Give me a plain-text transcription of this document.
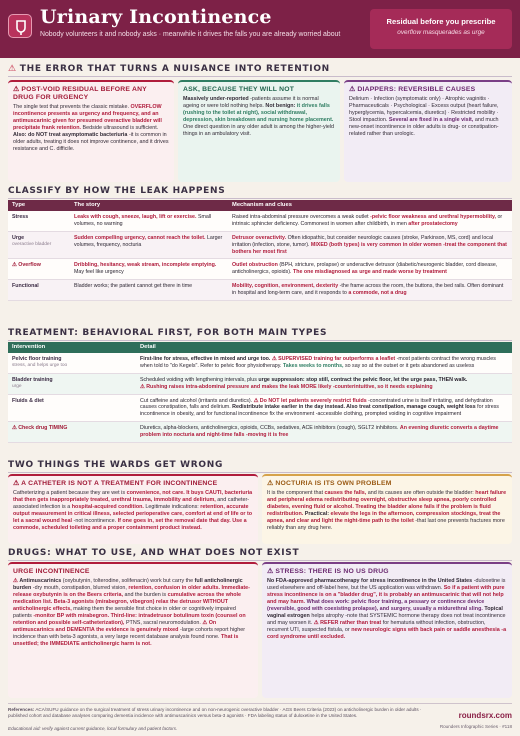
Urinary Incontinence
Nobody volunteers it and nobody asks · meanwhile it drives the falls you are already worried about
Residual before you prescribe
overflow masquerades as urge
⚠ THE ERROR THAT TURNS A NUISANCE INTO RETENTION
⚠ POST-VOID RESIDUAL BEFORE ANY DRUG FOR URGENCY
The single test that prevents the classic mistake. OVERFLOW incontinence presents as urgency and frequency, and an antimuscarinic given for presumed overactive bladder will precipitate frank retention. Bedside ultrasound is sufficient. Also: do NOT treat asymptomatic bacteriuria -it is common in older adults, treating it does not improve continence, and it drives resistance and C. difficile.
ASK, BECAUSE THEY WILL NOT
Massively under-reported -patients assume it is normal ageing or were told nothing helps. Not benign: it drives falls (rushing to the toilet at night), social withdrawal, depression, skin breakdown and nursing home placement. One direct question in any older adult is among the higher-yield things in an ambulatory visit.
⚠ DIAPPERS: REVERSIBLE CAUSES
Delirium · Infection (symptomatic only) · Atrophic vaginitis · Pharmaceuticals · Psychological · Excess output (heart failure, hyperglycemia, hypercalcemia, diuretics) · Restricted mobility · Stool impaction. Several are fixed in a single visit, and much new-onset incontinence in older adults is drug- or constipation-related rather than urologic.
CLASSIFY BY HOW THE LEAK HAPPENS
Type	The story	Mechanism and clues
Stress	Leaks with cough, sneeze, laugh, lift or exercise. Small volumes, no warning	Raised intra-abdominal pressure overcomes a weak outlet -pelvic floor weakness and urethral hypermobility, or intrinsic sphincter deficiency. Commonest in women after childbirth, in men after prostatectomy
Urge
overactive bladder	Sudden compelling urgency, cannot reach the toilet. Larger volumes, frequency, nocturia	Detrusor overactivity. Often idiopathic, but consider neurologic causes (stroke, Parkinson, MS, cord) and local irritation (infection, stone, tumor). MIXED (both types) is very common in older women -treat the component that bothers her most first
⚠ Overflow	Dribbling, hesitancy, weak stream, incomplete emptying. May feel like urgency	Outlet obstruction (BPH, stricture, prolapse) or underactive detrusor (diabetic/neurogenic bladder, cord disease, anticholinergics, opioids). The one misdiagnosed as urge and made worse by treatment
Functional	Bladder works; the patient cannot get there in time	Mobility, cognition, environment, dexterity -the frame across the room, the buttons, the bed rails. Often dominant in hospital and long-term care, and it responds to a commode, not a drug
TREATMENT: BEHAVIORAL FIRST, FOR BOTH MAIN TYPES
Intervention	Detail
Pelvic floor training
stress, and helps urge too	First-line for stress, effective in mixed and urge too. ⚠ SUPERVISED training far outperforms a leaflet -most patients contract the wrong muscles when told to "do Kegels". Refer to pelvic floor physiotherapy. Takes weeks to months, so say so at the outset or it gets abandoned as useless
Bladder training
urge	Scheduled voiding with lengthening intervals, plus urge suppression: stop still, contract the pelvic floor, let the urge pass, THEN walk.
⚠ Rushing raises intra-abdominal pressure and makes the leak MORE likely -counterintuitive, so it needs explaining
Fluids & diet	Cut caffeine and alcohol (irritants and diuretics). ⚠ Do NOT let patients severely restrict fluids -concentrated urine is itself irritating, and dehydration causes constipation, falls and delirium. Redistribute intake earlier in the day instead. Also treat constipation, manage cough, weight loss for stress incontinence in obesity, and for functional incontinence fix the environment -accessible clothing, prompted voiding in cognitive impairment
⚠ Check drug TIMING	Diuretics, alpha-blockers, anticholinergics, opioids, CCBs, sedatives, ACE inhibitors (cough), SGLT2 inhibitors. An evening diuretic converts a daytime problem into nocturia and night-time falls -moving it is free
TWO THINGS THE WARDS GET WRONG
⚠ A CATHETER IS NOT A TREATMENT FOR INCONTINENCE
Catheterizing a patient because they are wet is convenience, not care. It buys CAUTI, bacteriuria that then gets inappropriately treated, urethral trauma, immobility and delirium, and catheter-associated infection is a hospital-acquired condition. Legitimate indications: retention, accurate output measurement in critical illness, selected perioperative care, comfort at end of life or to let a sacral wound heal -not incontinence. If one goes in, set the removal date that day. Use a commode, scheduled toileting and a proper containment product instead.
⚠ NOCTURIA IS ITS OWN PROBLEM
It is the component that causes the falls, and its causes are often outside the bladder: heart failure and peripheral edema redistributing overnight, obstructive sleep apnea, poorly controlled diabetes, evening fluid or alcohol. Treating the bladder alone fails if the problem is fluid redistribution. Practical: elevate the legs in the afternoon, compression stockings, treat the apnea, and clear and light the night-time path to the toilet -that last one prevents fractures more reliably than any drug here.
DRUGS: WHAT TO USE, AND WHAT DOES NOT EXIST
URGE INCONTINENCE
⚠ Antimuscarinics (oxybutynin, tolterodine, solifenacin) work but carry the full anticholinergic burden -dry mouth, constipation, blurred vision, retention, confusion in older adults. Immediate-release oxybutynin is on the Beers criteria, and the burden is cumulative across the whole medication list. Beta-3 agonists (mirabegron, vibegron) relax the detrusor WITHOUT anticholinergic effects, making them the sensible first choice in older or cognitively impaired patients -monitor BP with mirabegron. Third-line: intradetrusor botulinum toxin (counsel on retention and possible self-catheterization), PTNS, sacral neuromodulation. ⚠ On antimuscarinics and DEMENTIA the evidence is genuinely mixed -large cohorts report higher incidence than with beta-3 agonists, a very large recent database analysis found none. That is unsettled; the IMMEDIATE anticholinergic harm is not.
⚠ STRESS: THERE IS NO US DRUG
No FDA-approved pharmacotherapy for stress incontinence in the United States -duloxetine is used elsewhere and off-label here, but the US application was withdrawn. So if a patient with pure stress incontinence is on a "bladder drug", it is probably an antimuscarinic that will not help and may harm. What does work: pelvic floor training, a pessary or continence device (reversible, good with coexisting prolapse), and surgery, usually a midurethral sling. Topical vaginal estrogen helps atrophy -note that SYSTEMIC hormone therapy does not treat incontinence and may worsen it. ⚠ REFER rather than treat for hematuria without infection, obstruction, recurrent UTI, suspected fistula, or new neurologic signs with back pain or saddle anesthesia -a cord syndrome until excluded.
References: ACA/SUFU guidance on the surgical treatment of stress urinary incontinence and on non-neurogenic overactive bladder · AGS Beers Criteria (2023) on anticholinergic burden in older adults · published cohort and database analyses comparing dementia incidence with antimuscarinics versus beta-3 agonists · FDA labeling status of duloxetine in the United States.
Educational aid: verify against current guidance, local formulary and patient factors.
roundsrx.com
Rounders Infographic Series · #118
